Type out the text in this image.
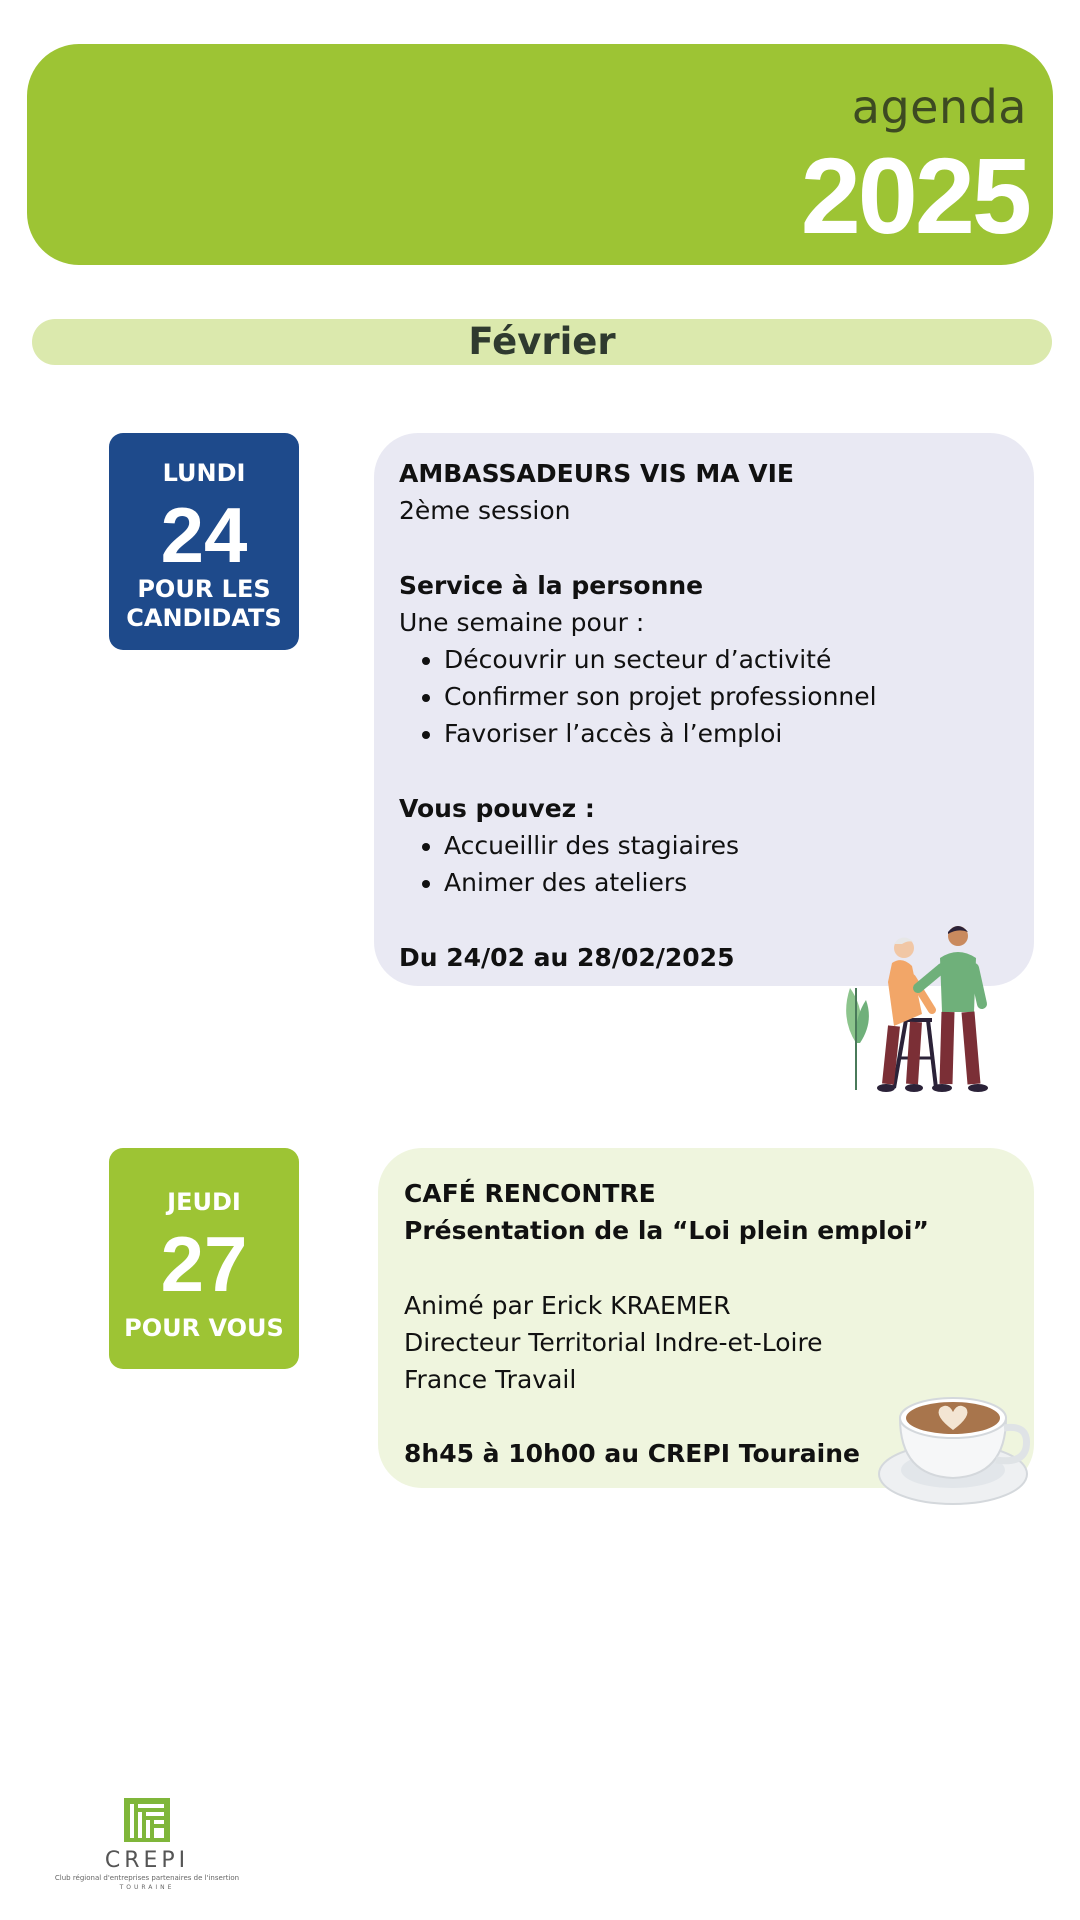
agenda
2025
Février
LUNDI
24
POUR LES
CANDIDATS
AMBASSADEURS VIS MA VIE
2ème session
Service à la personne
Une semaine pour :
• Découvrir un secteur d’activité
• Confirmer son projet professionnel
• Favoriser l’accès à l’emploi
Vous pouvez :
• Accueillir des stagiaires
• Animer des ateliers
Du 24/02 au 28/02/2025
JEUDI
27
POUR VOUS
CAFÉ RENCONTRE
Présentation de la “Loi plein emploi”
Animé par Erick KRAEMER
Directeur Territorial Indre-et-Loire
France Travail
8h45 à 10h00 au CREPI Touraine
CREPI
Club régional d'entreprises partenaires de l'insertion
TOURAINE
